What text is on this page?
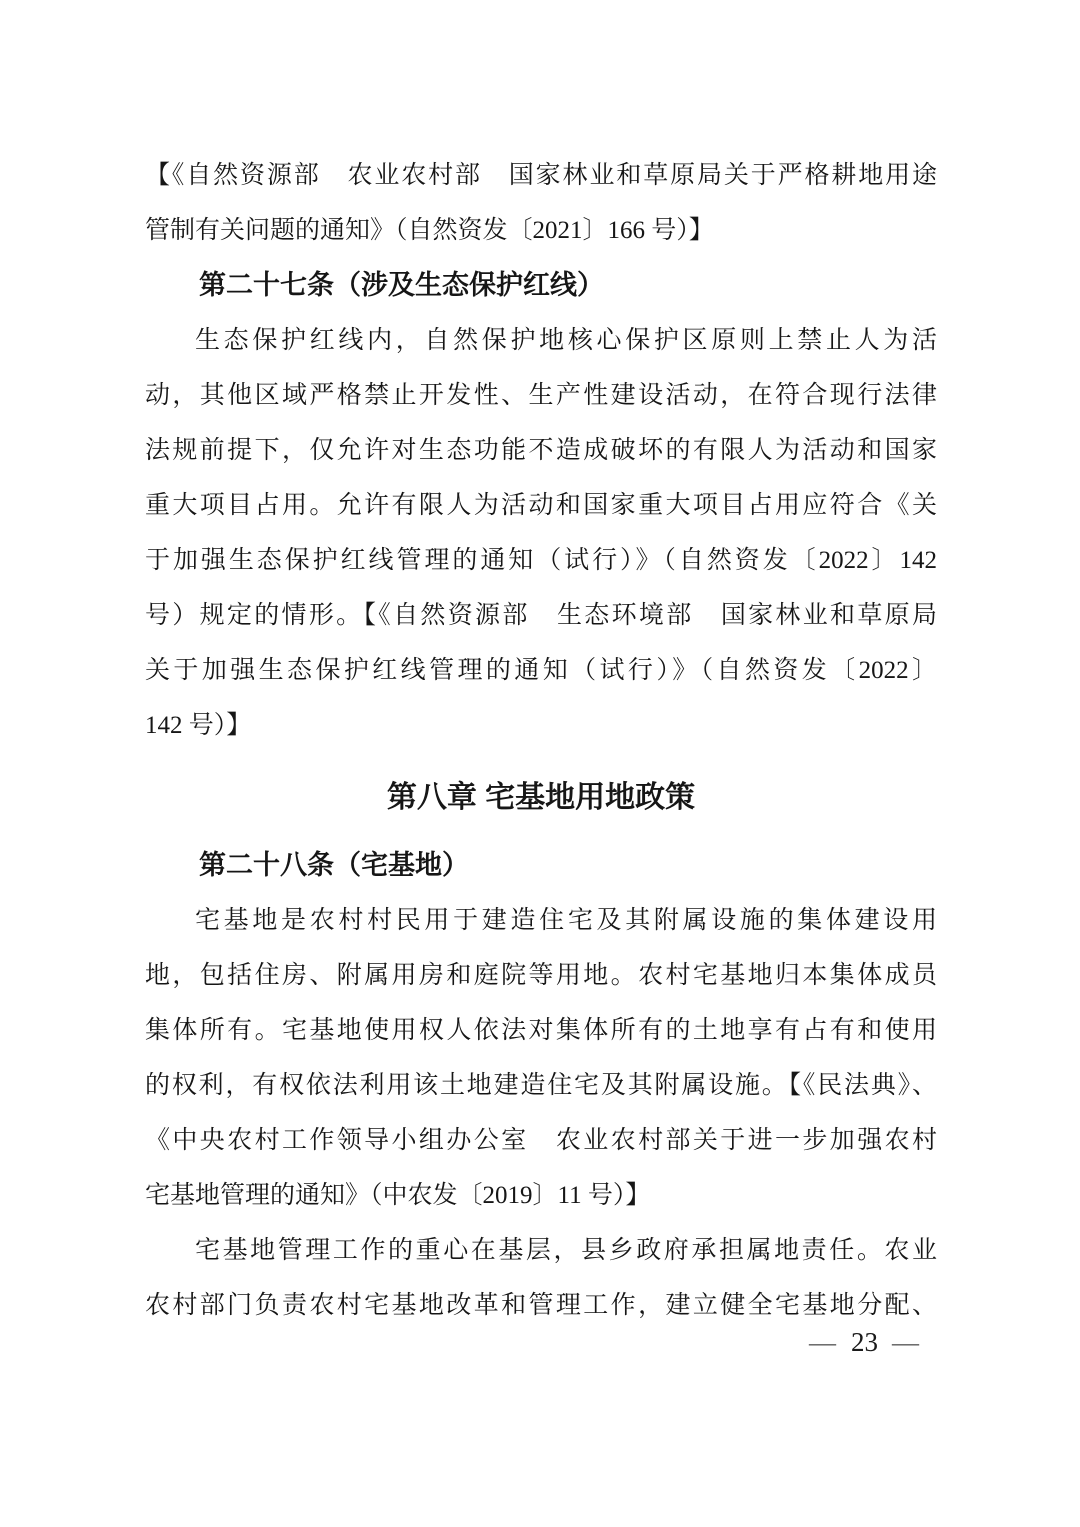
【《自然资源部　农业农村部　国家林业和草原局关于严格耕地用途
管制有关问题的通知》（自然资发〔2021〕166 号）】
第二十七条（涉及生态保护红线）
生态保护红线内，自然保护地核心保护区原则上禁止人为活
动，其他区域严格禁止开发性、生产性建设活动，在符合现行法律
法规前提下，仅允许对生态功能不造成破坏的有限人为活动和国家
重大项目占用。允许有限人为活动和国家重大项目占用应符合《关
于加强生态保护红线管理的通知（试行）》（自然资发〔2022〕142
号）规定的情形。【《自然资源部　生态环境部　国家林业和草原局
关于加强生态保护红线管理的通知（试行）》（自然资发〔2022〕
142 号）】
第八章 宅基地用地政策
第二十八条（宅基地）
宅基地是农村村民用于建造住宅及其附属设施的集体建设用
地，包括住房、附属用房和庭院等用地。农村宅基地归本集体成员
集体所有。宅基地使用权人依法对集体所有的土地享有占有和使用
的权利，有权依法利用该土地建造住宅及其附属设施。【《民法典》、
《中央农村工作领导小组办公室　农业农村部关于进一步加强农村
宅基地管理的通知》（中农发〔2019〕11 号）】
宅基地管理工作的重心在基层，县乡政府承担属地责任。农业
农村部门负责农村宅基地改革和管理工作，建立健全宅基地分配、
— 23 —
